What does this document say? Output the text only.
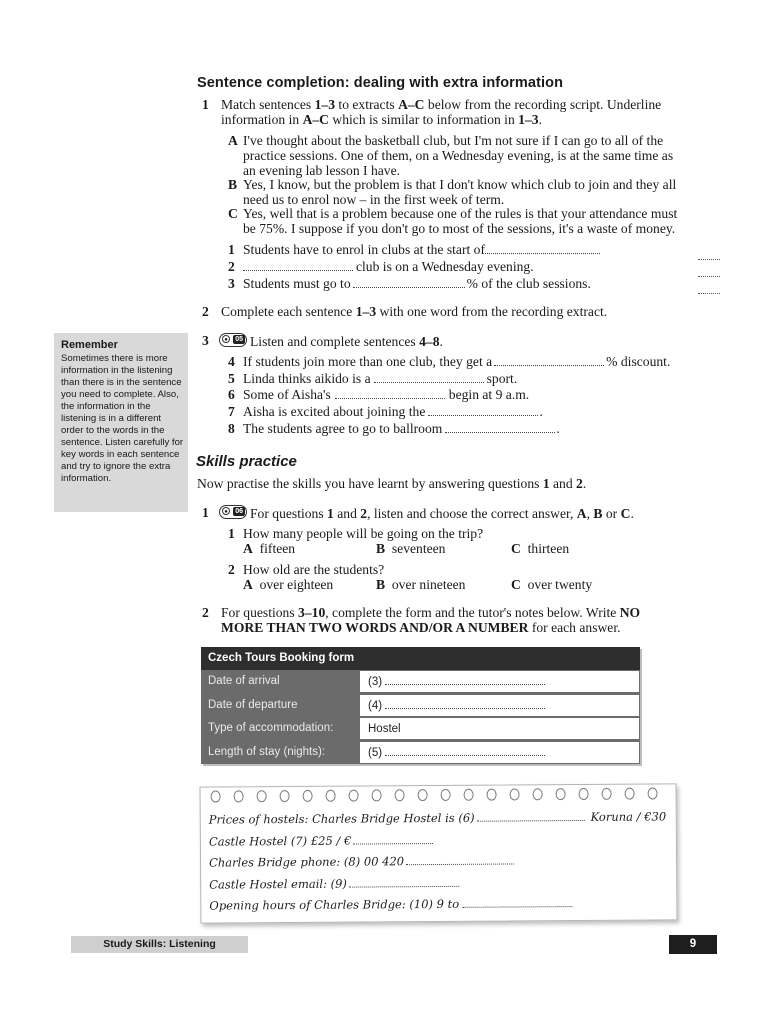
Sentence completion: dealing with extra information
1 Match sentences 1–3 to extracts A–C below from the recording script. Underline
information in A–C which is similar to information in 1–3.
A I've thought about the basketball club, but I'm not sure if I can go to all of the
practice sessions. One of them, on a Wednesday evening, is at the same time as
an evening lab lesson I have.
B Yes, I know, but the problem is that I don't know which club to join and they all
need us to enrol now – in the first week of term.
C Yes, well that is a problem because one of the rules is that your attendance must
be 75%. I suppose if you don't go to most of the sessions, it's a waste of money.
1 Students have to enrol in clubs at the start of
2	club is on a Wednesday evening.
3 Students must go to	% of the club sessions.
2 Complete each sentence 1–3 with one word from the recording extract.
3	●	05 Listen and complete sentences 4–8.
4 If students join more than one club, they get a	% discount.
5 Linda thinks aikido is a	sport.
6 Some of Aisha's	begin at 9 a.m.
7 Aisha is excited about joining the	.
8 The students agree to go to ballroom	.
Remember
Sometimes there is more information in the listening than there is in the sentence you need to complete. Also, the information in the listening is in a different order to the words in the sentence. Listen carefully for key words in each sentence and try to ignore the extra information.
Skills practice
Now practise the skills you have learnt by answering questions 1 and 2.
1	●	06 For questions 1 and 2, listen and choose the correct answer, A, B or C.
1 How many people will be going on the trip?
A fifteen	B seventeen	C thirteen
2 How old are the students?
A over eighteen	B over nineteen	C over twenty
2 For questions 3–10, complete the form and the tutor's notes below. Write NO
MORE THAN TWO WORDS AND/OR A NUMBER for each answer.
Czech Tours Booking form
Date of arrival	(3)
Date of departure	(4)
Type of accommodation:	Hostel
Length of stay (nights):	(5)
Prices of hostels: Charles Bridge Hostel is (6)	Koruna / €30
Castle Hostel (7) £25 / €
Charles Bridge phone: (8) 00 420
Castle Hostel email: (9)
Opening hours of Charles Bridge: (10) 9 to
Study Skills: Listening	9
